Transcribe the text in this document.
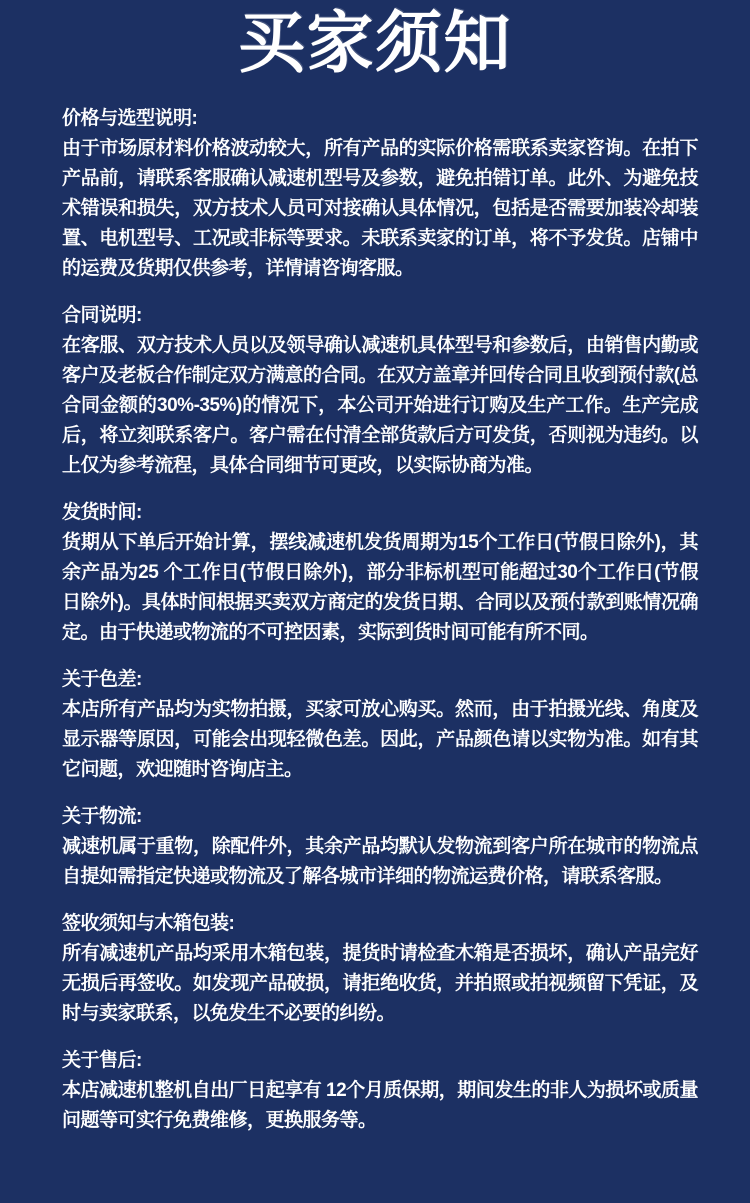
买家须知
价格与选型说明:

由于市场原材料价格波动较大，所有产品的实际价格需联系卖家咨询。在拍下产品前，请联系客服确认减速机型号及参数，避免拍错订单。此外、为避免技术错误和损失，双方技术人员可对接确认具体情况，包括是否需要加装冷却装置、电机型号、工况或非标等要求。未联系卖家的订单，将不予发货。店铺中的运费及货期仅供参考，详情请咨询客服。

合同说明:

在客服、双方技术人员以及领导确认减速机具体型号和参数后，由销售内勤或客户及老板合作制定双方满意的合同。在双方盖章并回传合同且收到预付款(总合同金额的30%-35%)的情况下，本公司开始进行订购及生产工作。生产完成后，将立刻联系客户。客户需在付清全部货款后方可发货，否则视为违约。以上仅为参考流程，具体合同细节可更改，以实际协商为准。

发货时间:

货期从下单后开始计算，摆线减速机发货周期为15个工作日(节假日除外)，其余产品为25 个工作日(节假日除外)，部分非标机型可能超过30个工作日(节假日除外)。具体时间根据买卖双方商定的发货日期、合同以及预付款到账情况确定。由于快递或物流的不可控因素，实际到货时间可能有所不同。

关于色差:

本店所有产品均为实物拍摄，买家可放心购买。然而，由于拍摄光线、角度及显示器等原因，可能会出现轻微色差。因此，产品颜色请以实物为准。如有其它问题，欢迎随时咨询店主。

关于物流:

减速机属于重物，除配件外，其余产品均默认发物流到客户所在城市的物流点自提如需指定快递或物流及了解各城市详细的物流运费价格，请联系客服。

签收须知与木箱包装:

所有减速机产品均采用木箱包装，提货时请检查木箱是否损坏，确认产品完好无损后再签收。如发现产品破损，请拒绝收货，并拍照或拍视频留下凭证，及时与卖家联系，以免发生不必要的纠纷。

关于售后:

本店减速机整机自出厂日起享有 12个月质保期，期间发生的非人为损坏或质量问题等可实行免费维修，更换服务等。
